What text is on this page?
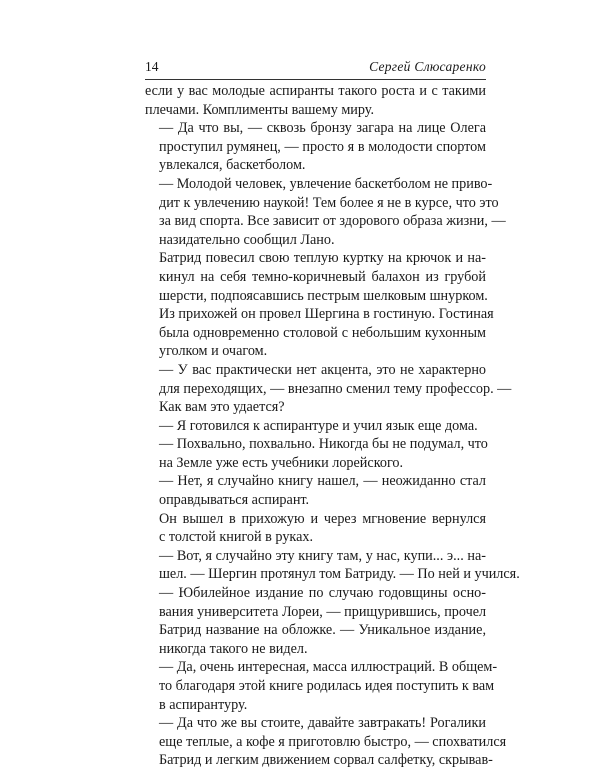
14	Сергей Слюсаренко

если у вас молодые аспиранты такого роста и с такими
плечами. Комплименты вашему миру.

— Да что вы, — сквозь бронзу загара на лице Олега
проступил румянец, — просто я в молодости спортом
увлекался, баскетболом.

— Молодой человек, увлечение баскетболом не приво-
дит к увлечению наукой! Тем более я не в курсе, что это
за вид спорта. Все зависит от здорового образа жизни, —
назидательно сообщил Лано.

Батрид повесил свою теплую куртку на крючок и на-
кинул на себя темно-коричневый балахон из грубой
шерсти, подпоясавшись пестрым шелковым шнурком.
Из прихожей он провел Шергина в гостиную. Гостиная
была одновременно столовой с небольшим кухонным
уголком и очагом.

— У вас практически нет акцента, это не характерно
для переходящих, — внезапно сменил тему профессор. —
Как вам это удается?

— Я готовился к аспирантуре и учил язык еще дома.

— Похвально, похвально. Никогда бы не подумал, что
на Земле уже есть учебники лорейского.

— Нет, я случайно книгу нашел, — неожиданно стал
оправдываться аспирант.

Он вышел в прихожую и через мгновение вернулся
с толстой книгой в руках.

— Вот, я случайно эту книгу там, у нас, купи... э... на-
шел. — Шергин протянул том Батриду. — По ней и учился.

— Юбилейное издание по случаю годовщины осно-
вания университета Лореи, — прищурившись, прочел
Батрид название на обложке. — Уникальное издание,
никогда такого не видел.

— Да, очень интересная, масса иллюстраций. В общем-
то благодаря этой книге родилась идея поступить к вам
в аспирантуру.

— Да что же вы стоите, давайте завтракать! Рогалики
еще теплые, а кофе я приготовлю быстро, — спохватился
Батрид и легким движением сорвал салфетку, скрывав-
